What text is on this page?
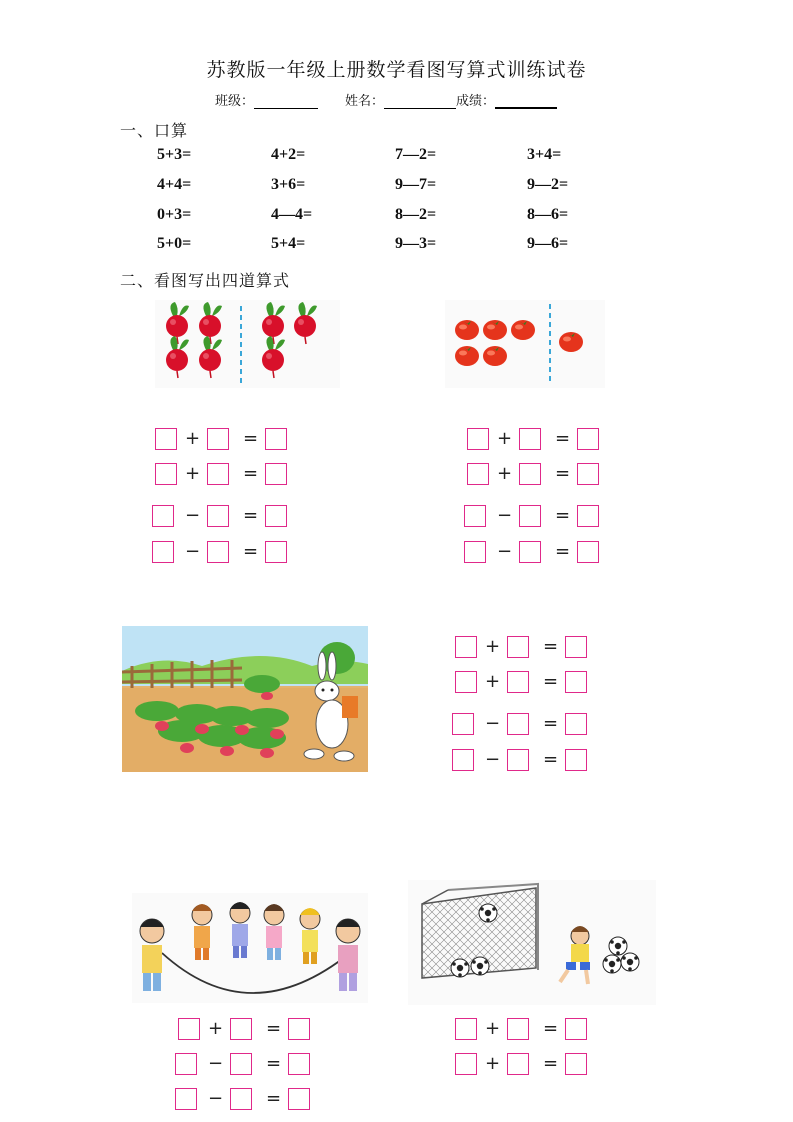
苏教版一年级上册数学看图写算式训练试卷
班级：	姓名：	成绩：
一、口算
5+3=	4+2=	7—2=	3+4=
4+4=	3+6=	9—7=	9—2=
0+3=	4—4=	8—2=	8—6=
5+0=	5+4=	9—3=	9—6=
二、看图写出四道算式
+ =
+ =
− =
− =
+ =
+ =
− =
− =
+ =
+ =
− =
− =
+ =
− =
− =
+ =
+ =
